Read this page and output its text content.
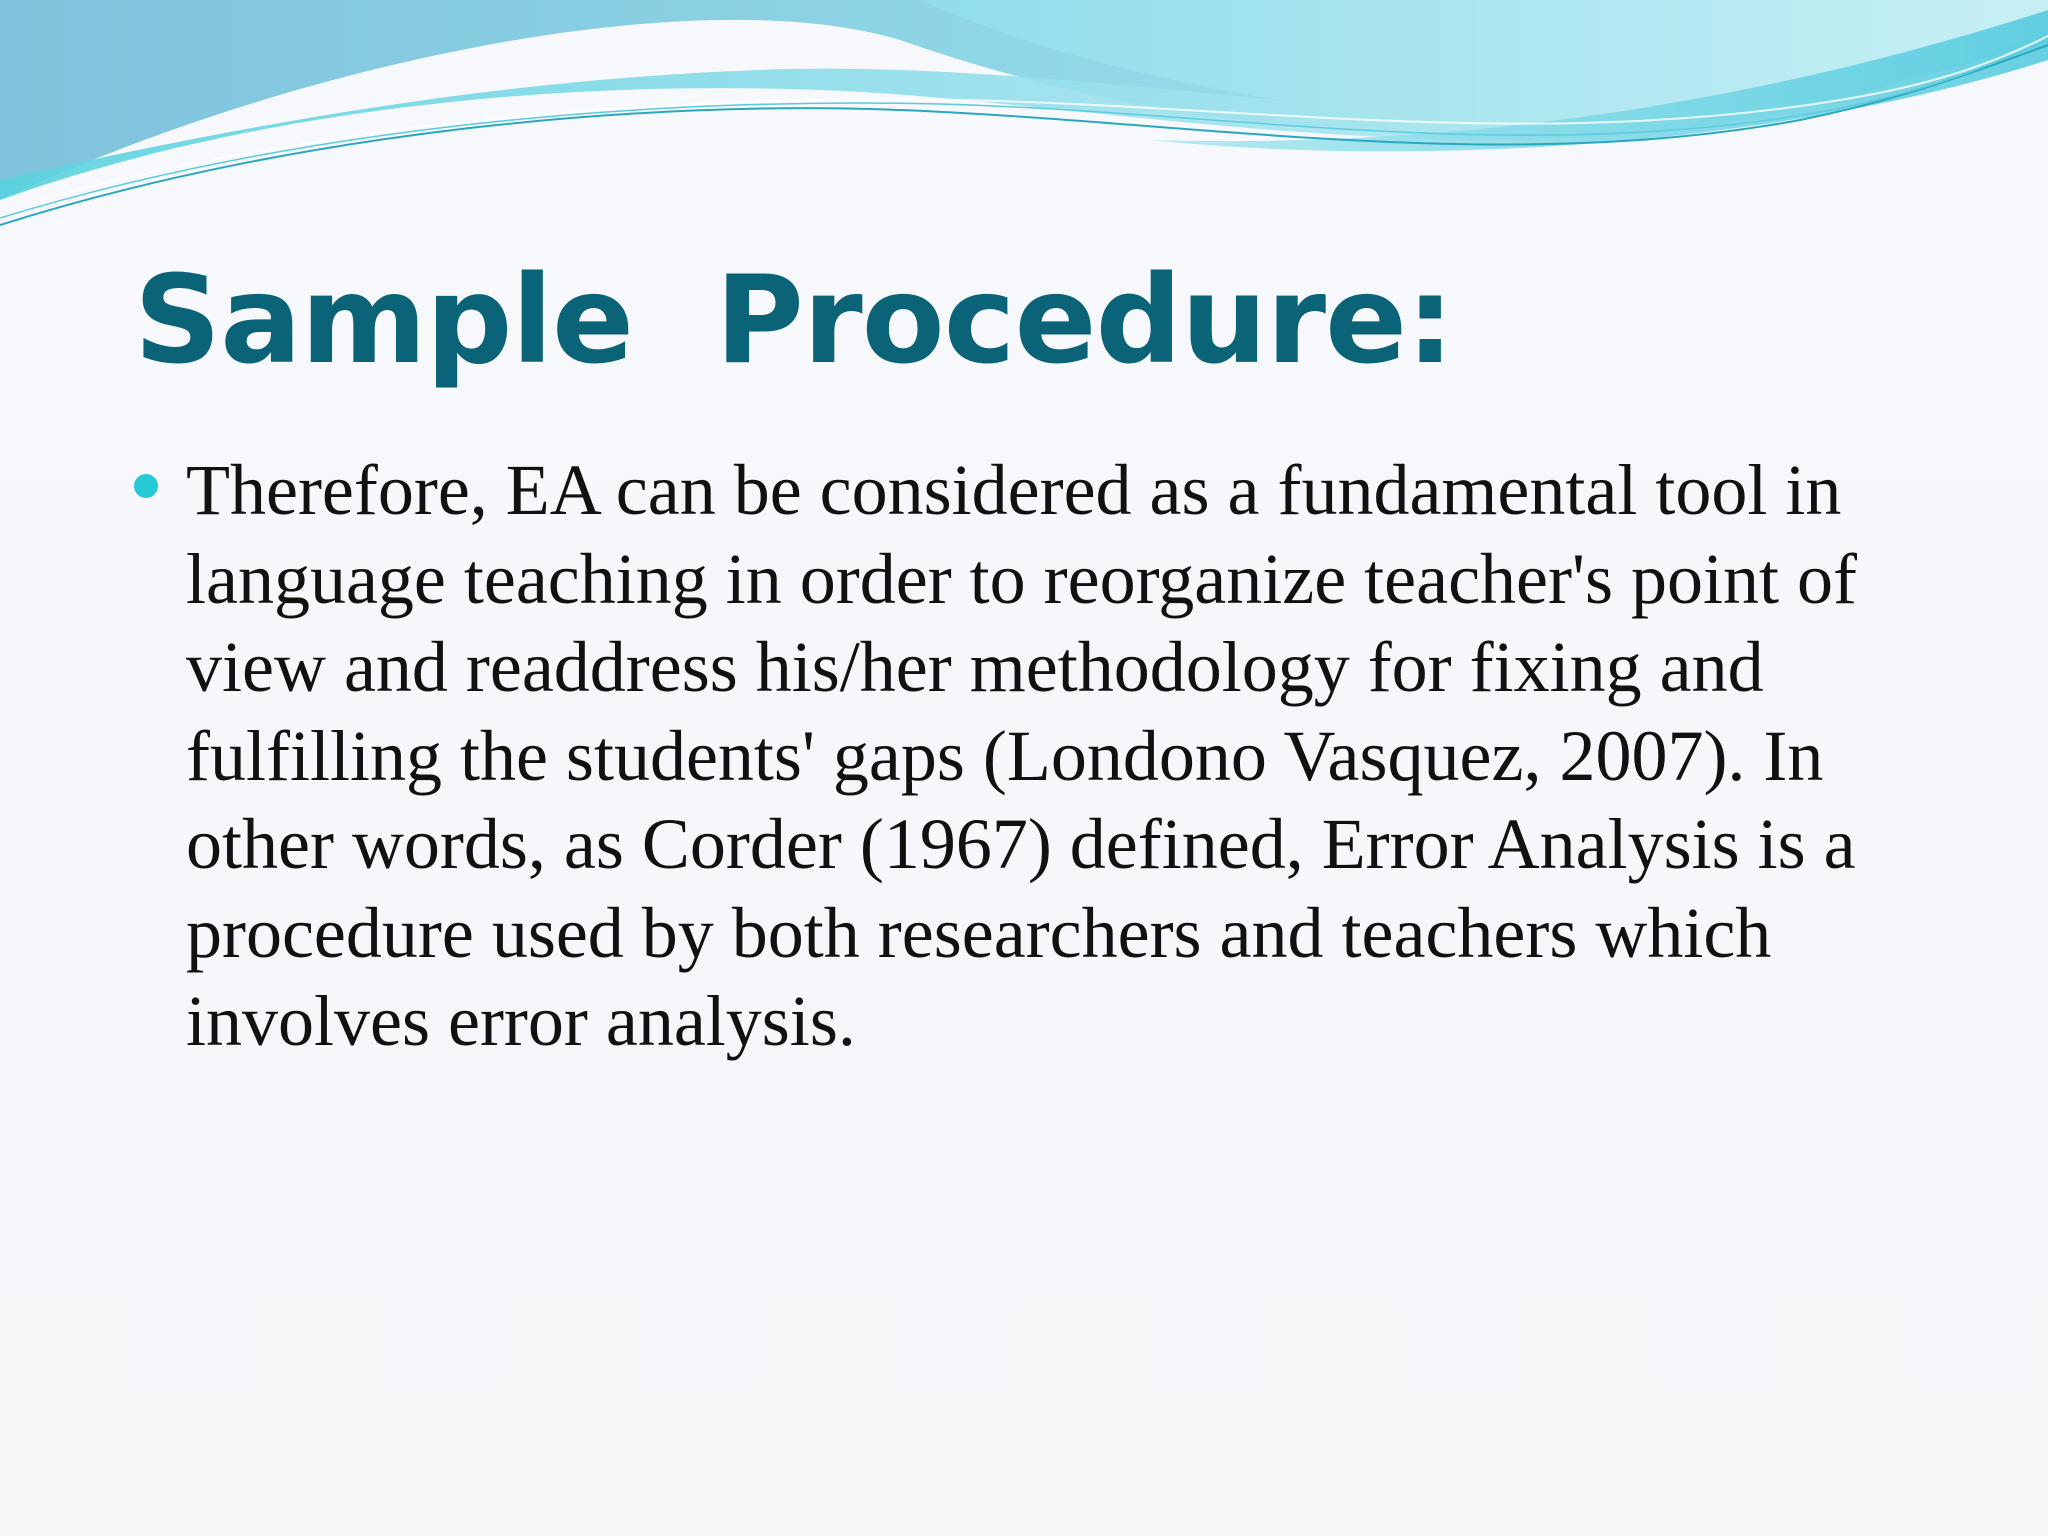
Sample  Procedure:
Therefore, EA can be considered as a fundamental tool in language teaching in order to reorganize teacher's point of view and readdress his/her methodology for fixing and fulfilling the students' gaps (Londono Vasquez, 2007). In other words, as Corder (1967) defined, Error Analysis is a procedure used by both researchers and teachers which involves error analysis.
